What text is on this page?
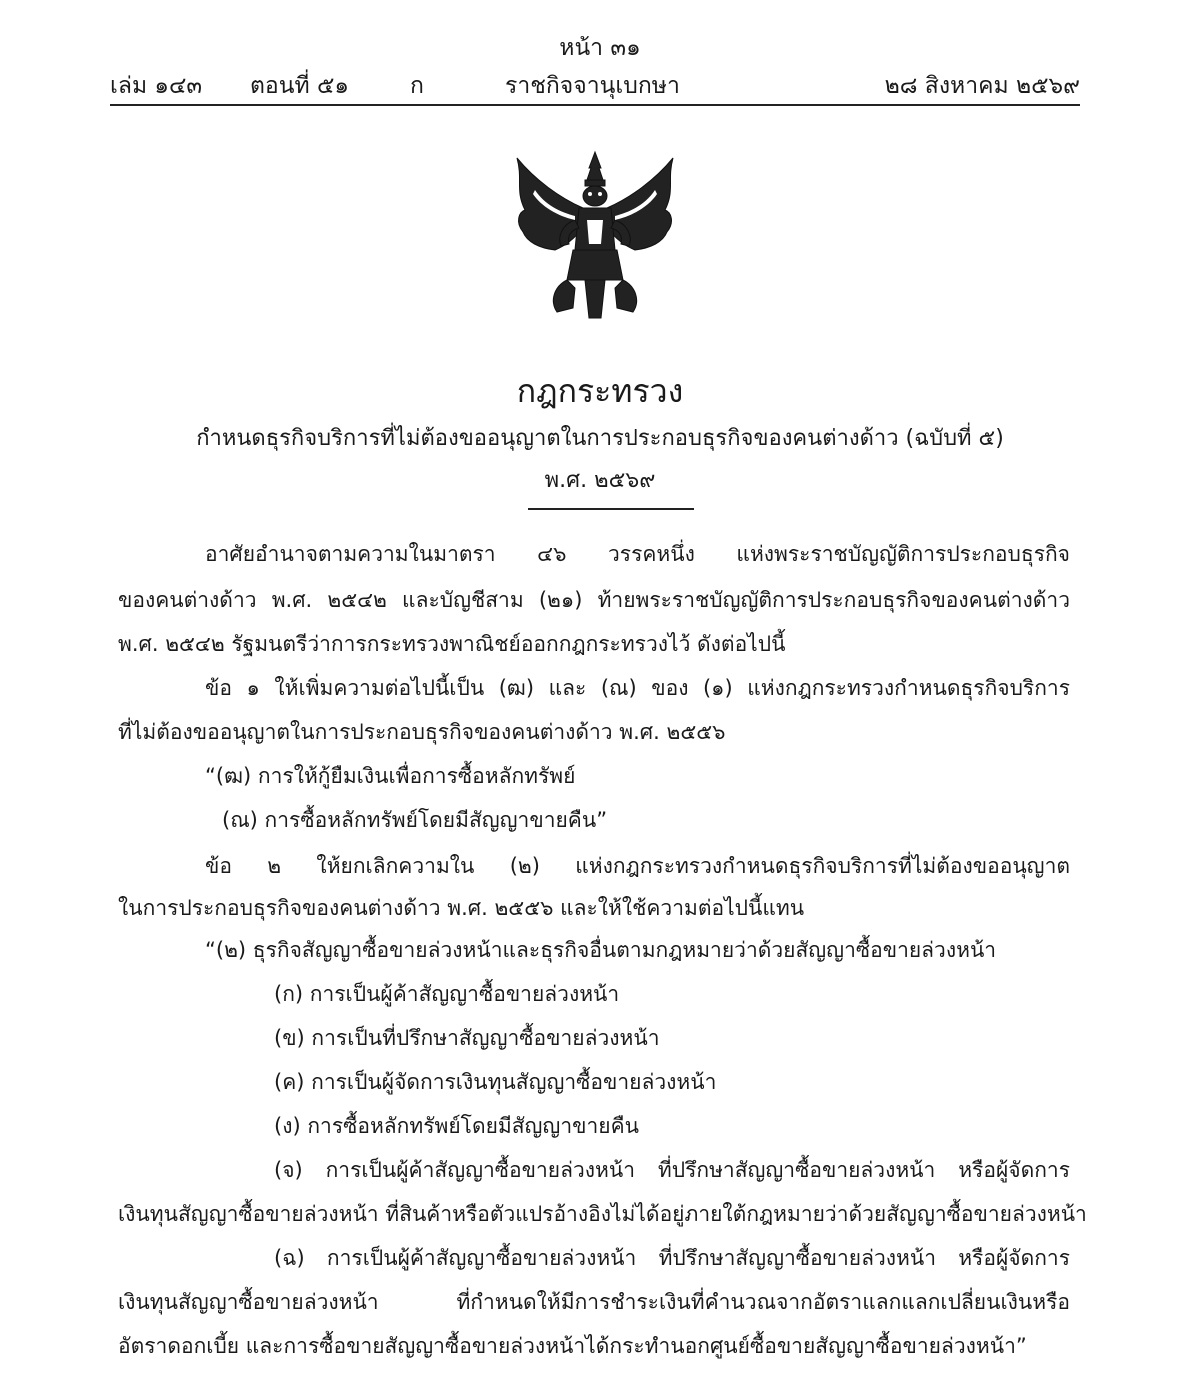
หน้า ๓๑
เล่ม ๑๔๓ ตอนที่ ๕๑	ก	ราชกิจจานุเบกษา	๒๘ สิงหาคม ๒๕๖๙
กฎกระทรวง
กำหนดธุรกิจบริการที่ไม่ต้องขออนุญาตในการประกอบธุรกิจของคนต่างด้าว (ฉบับที่ ๕)
พ.ศ. ๒๕๖๙
อาศัยอำนาจตามความในมาตรา ๔๖ วรรคหนึ่ง แห่งพระราชบัญญัติการประกอบธุรกิจ
ของคนต่างด้าว พ.ศ. ๒๕๔๒ และบัญชีสาม (๒๑) ท้ายพระราชบัญญัติการประกอบธุรกิจของคนต่างด้าว
พ.ศ. ๒๕๔๒ รัฐมนตรีว่าการกระทรวงพาณิชย์ออกกฎกระทรวงไว้ ดังต่อไปนี้
ข้อ ๑ ให้เพิ่มความต่อไปนี้เป็น (ฒ) และ (ณ) ของ (๑) แห่งกฎกระทรวงกำหนดธุรกิจบริการ
ที่ไม่ต้องขออนุญาตในการประกอบธุรกิจของคนต่างด้าว พ.ศ. ๒๕๕๖
“(ฒ) การให้กู้ยืมเงินเพื่อการซื้อหลักทรัพย์
(ณ) การซื้อหลักทรัพย์โดยมีสัญญาขายคืน”
ข้อ ๒ ให้ยกเลิกความใน (๒) แห่งกฎกระทรวงกำหนดธุรกิจบริการที่ไม่ต้องขออนุญาต
ในการประกอบธุรกิจของคนต่างด้าว พ.ศ. ๒๕๕๖ และให้ใช้ความต่อไปนี้แทน
“(๒) ธุรกิจสัญญาซื้อขายล่วงหน้าและธุรกิจอื่นตามกฎหมายว่าด้วยสัญญาซื้อขายล่วงหน้า
(ก) การเป็นผู้ค้าสัญญาซื้อขายล่วงหน้า
(ข) การเป็นที่ปรึกษาสัญญาซื้อขายล่วงหน้า
(ค) การเป็นผู้จัดการเงินทุนสัญญาซื้อขายล่วงหน้า
(ง) การซื้อหลักทรัพย์โดยมีสัญญาขายคืน
(จ) การเป็นผู้ค้าสัญญาซื้อขายล่วงหน้า ที่ปรึกษาสัญญาซื้อขายล่วงหน้า หรือผู้จัดการ
เงินทุนสัญญาซื้อขายล่วงหน้า ที่สินค้าหรือตัวแปรอ้างอิงไม่ได้อยู่ภายใต้กฎหมายว่าด้วยสัญญาซื้อขายล่วงหน้า
(ฉ) การเป็นผู้ค้าสัญญาซื้อขายล่วงหน้า ที่ปรึกษาสัญญาซื้อขายล่วงหน้า หรือผู้จัดการ
เงินทุนสัญญาซื้อขายล่วงหน้า ที่กำหนดให้มีการชำระเงินที่คำนวณจากอัตราแลกแลกเปลี่ยนเงินหรือ
อัตราดอกเบี้ย และการซื้อขายสัญญาซื้อขายล่วงหน้าได้กระทำนอกศูนย์ซื้อขายสัญญาซื้อขายล่วงหน้า”
